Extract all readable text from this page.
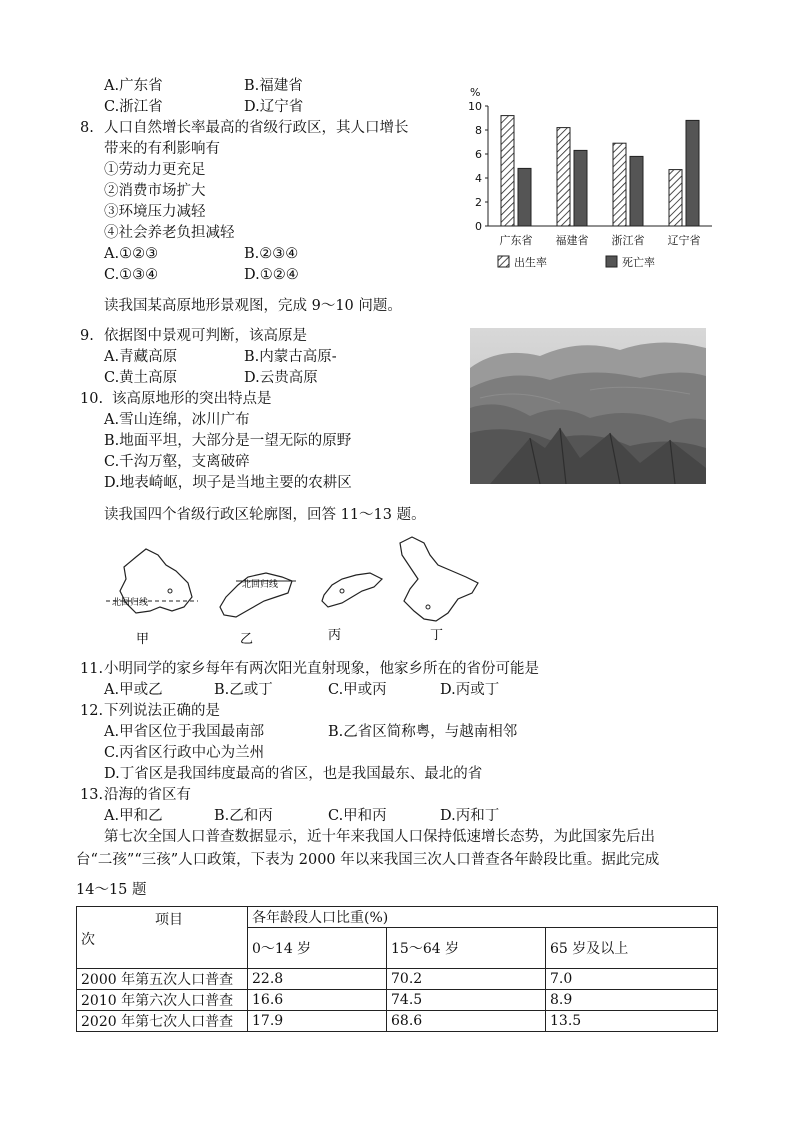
A.广东省	B.福建省
C.浙江省	D.辽宁省
8. 人口自然增长率最高的省级行政区，其人口增长
带来的有利影响有
①劳动力更充足
②消费市场扩大
③环境压力减轻
④社会养老负担减轻
A.①②③	B.②③④
C.①③④	D.①②④
%
0
2
4
6
8
10
广东省 福建省 浙江省 辽宁省
出生率	死亡率
读我国某高原地形景观图，完成 9～10 问题。
9. 依据图中景观可判断，该高原是
A.青藏高原	B.内蒙古高原-
C.黄土高原	D.云贵高原
10. 该高原地形的突出特点是
A.雪山连绵，冰川广布
B.地面平坦，大部分是一望无际的原野
C.千沟万壑，支离破碎
D.地表崎岖，坝子是当地主要的农耕区
读我国四个省级行政区轮廓图，回答 11～13 题。
北回归线
甲
北回归线
乙	丙	丁
11. 小明同学的家乡每年有两次阳光直射现象，他家乡所在的省份可能是
A.甲或乙	B.乙或丁	C.甲或丙	D.丙或丁
12. 下列说法正确的是
A.甲省区位于我国最南部	B.乙省区简称粤，与越南相邻
C.丙省区行政中心为兰州
D.丁省区是我国纬度最高的省区，也是我国最东、最北的省
13. 沿海的省区有
A.甲和乙	B.乙和丙	C.甲和丙	D.丙和丁
第七次全国人口普查数据显示，近十年来我国人口保持低速增长态势，为此国家先后出
台“二孩”“三孩”人口政策，下表为 2000 年以来我国三次人口普查各年龄段比重。据此完成
14～15 题
项目
次	各年龄段人口比重(%)		
	0～14 岁	15～64 岁	65 岁及以上
2000 年第五次人口普查	22.8	70.2	7.0
2010 年第六次人口普查	16.6	74.5	8.9
2020 年第七次人口普查	17.9	68.6	13.5
